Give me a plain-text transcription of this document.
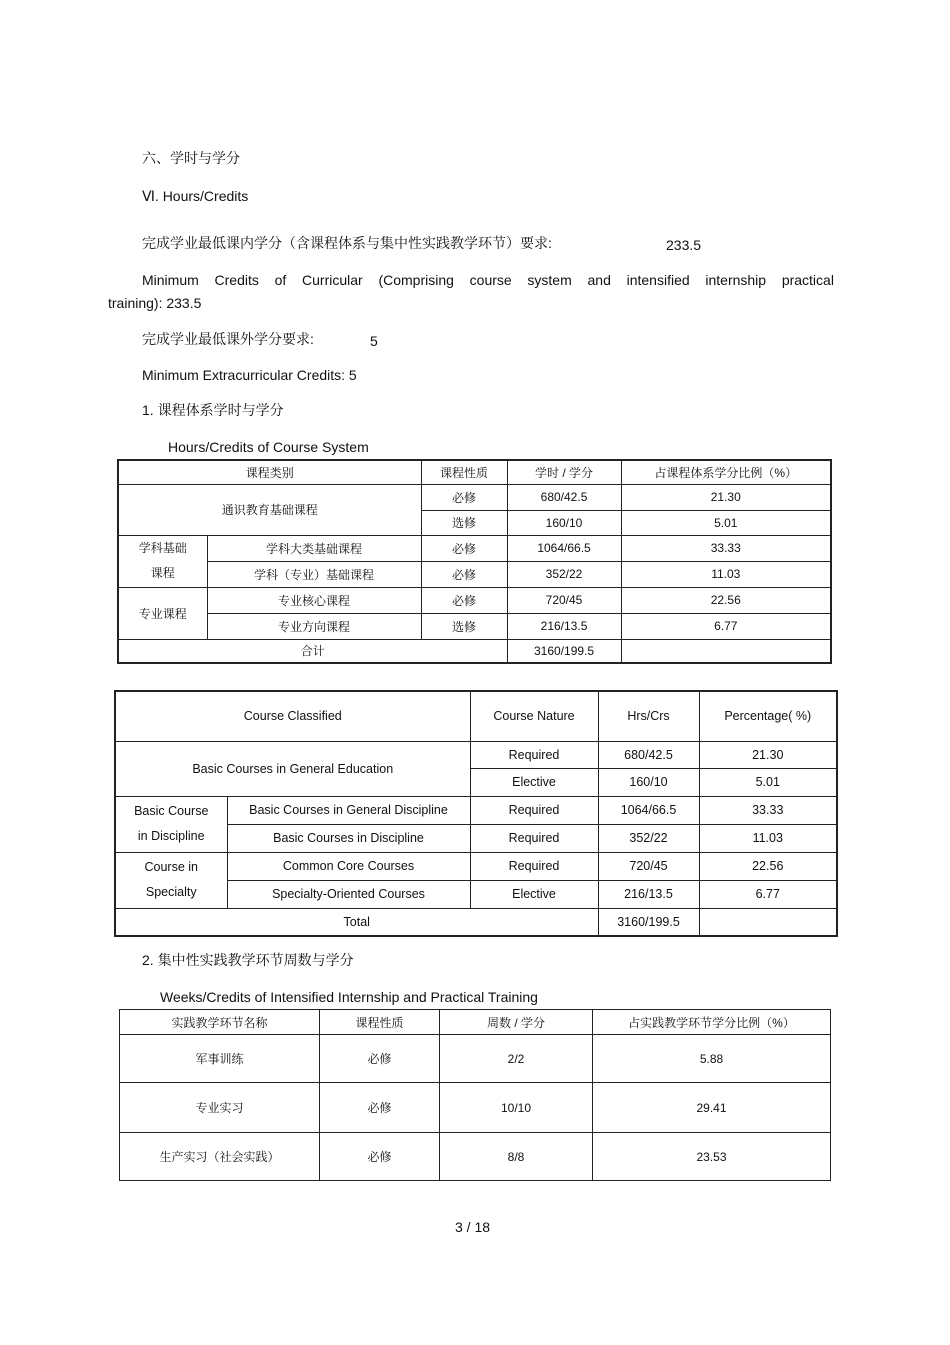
六、学时与学分
Ⅵ. Hours/Credits
完成学业最低课内学分（含课程体系与集中性实践教学环节）要求:	233.5
Minimum Credits of Curricular (Comprising course system and intensified internship practical
training): 233.5
完成学业最低课外学分要求:	5
Minimum Extracurricular Credits: 5
1. 课程体系学时与学分
Hours/Credits of Course System
课程类别		课程性质	学时 / 学分	占课程体系学分比例（%）
通识教育基础课程		必修	680/42.5	21.30
		选修	160/10	5.01

学科基础
课程	学科大类基础课程	必修	1064/66.5	33.33
	学科（专业）基础课程	必修	352/22	11.03
专业课程	专业核心课程	必修	720/45	22.56
	专业方向课程	选修	216/13.5	6.77
合计			3160/199.5	
Course Classified		Course Nature	Hrs/Crs	Percentage( %)
Basic Courses in General Education		Required	680/42.5	21.30
		Elective	160/10	5.01

Basic Course
in Discipline	Basic Courses in General Discipline	Required	1064/66.5	33.33
	Basic Courses in Discipline	Required	352/22	11.03

Course in
Specialty	Common Core Courses	Required	720/45	22.56
	Specialty-Oriented Courses	Elective	216/13.5	6.77
Total			3160/199.5	
2. 集中性实践教学环节周数与学分
Weeks/Credits of Intensified Internship and Practical Training
实践教学环节名称	课程性质	周数 / 学分	占实践教学环节学分比例（%）
军事训练	必修	2/2	5.88
专业实习	必修	10/10	29.41
生产实习（社会实践）	必修	8/8	23.53
3 / 18
